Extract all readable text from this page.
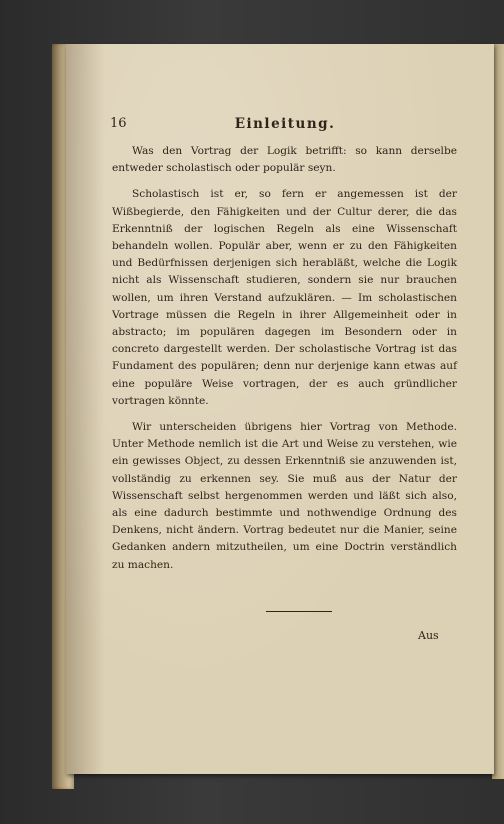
16	Einleitung.

Was den Vortrag der Logik betrifft: so kann derselbe entweder scholastisch oder populär seyn.

Scholastisch ist er, so fern er angemessen ist der Wißbegierde, den Fähigkeiten und der Cultur derer, die das Erkenntniß der logischen Regeln als eine Wissenschaft behandeln wollen. Populär aber, wenn er zu den Fähigkeiten und Bedürfnissen derjenigen sich herabläßt, welche die Logik nicht als Wissenschaft studieren, sondern sie nur brauchen wollen, um ihren Verstand aufzuklären. — Im scholastischen Vortrage müssen die Regeln in ihrer Allgemeinheit oder in abstracto; im populären dagegen im Besondern oder in concreto dargestellt werden. Der scholastische Vortrag ist das Fundament des populären; denn nur derjenige kann etwas auf eine populäre Weise vortragen, der es auch gründlicher vortragen könnte.

Wir unterscheiden übrigens hier Vortrag von Methode. Unter Methode nemlich ist die Art und Weise zu verstehen, wie ein gewisses Object, zu dessen Erkenntniß sie anzuwenden ist, vollständig zu erkennen sey. Sie muß aus der Natur der Wissenschaft selbst hergenommen werden und läßt sich also, als eine dadurch bestimmte und nothwendige Ordnung des Denkens, nicht ändern. Vortrag bedeutet nur die Manier, seine Gedanken andern mitzutheilen, um eine Doctrin verständlich zu machen.

Aus
